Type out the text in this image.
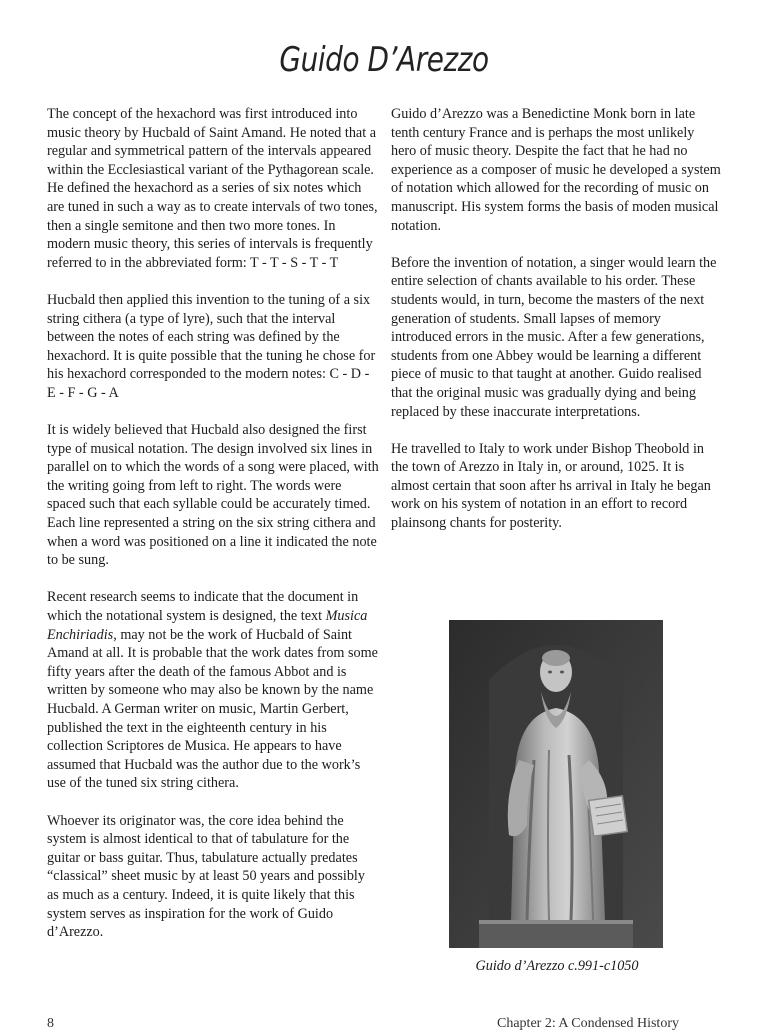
Guido D’Arezzo

The concept of the hexachord was first introduced into music theory by Hucbald of Saint Amand. He noted that a regular and symmetrical pattern of the intervals appeared within the Ecclesiastical variant of the Pythagorean scale. He defined the hexachord as a series of six notes which are tuned in such a way as to create intervals of two tones, then a single semitone and then two more tones. In modern music theory, this series of intervals is frequently referred to in the abbreviated form: T - T - S - T - T

Hucbald then applied this invention to the tuning of a six string cithera (a type of lyre), such that the interval between the notes of each string was defined by the hexachord. It is quite possible that the tuning he chose for his hexachord corresponded to the modern notes: C - D - E - F - G - A

It is widely believed that Hucbald also designed the first type of musical notation. The design involved six lines in parallel on to which the words of a song were placed, with the writing going from left to right. The words were spaced such that each syllable could be accurately timed. Each line represented a string on the six string cithera and when a word was positioned on a line it indicated the note to be sung.

Recent research seems to indicate that the document in which the notational system is designed, the text Musica Enchiriadis, may not be the work of Hucbald of Saint Amand at all. It is probable that the work dates from some fifty years after the death of the famous Abbot and is written by someone who may also be known by the name Hucbald. A German writer on music, Martin Gerbert, published the text in the eighteenth century in his collection Scriptores de Musica. He appears to have assumed that Hucbald was the author due to the work’s use of the tuned six string cithera.

Whoever its originator was, the core idea behind the system is almost identical to that of tabulature for the guitar or bass guitar. Thus, tabulature actually predates “classical” sheet music by at least 50 years and possibly as much as a century. Indeed, it is quite likely that this system serves as inspiration for the work of Guido d’Arezzo.

Guido d’Arezzo was a Benedictine Monk born in late tenth century France and is perhaps the most unlikely hero of music theory. Despite the fact that he had no experience as a composer of music he developed a system of notation which allowed for the recording of music on manuscript. His system forms the basis of moden musical notation.

Before the invention of notation, a singer would learn the entire selection of chants available to his order. These students would, in turn, become the masters of the next generation of students. Small lapses of memory introduced errors in the music. After a few generations, students from one Abbey would be learning a different piece of music to that taught at another. Guido realised that the original music was gradually dying and being replaced by these inaccurate interpretations.

He travelled to Italy to work under Bishop Theobold in the town of Arezzo in Italy in, or around, 1025. It is almost certain that soon after hs arrival in Italy he began work on his system of notation in an effort to record plainsong chants for posterity.

Guido d’Arezzo c.991-c1050
8	Chapter 2: A Condensed History
